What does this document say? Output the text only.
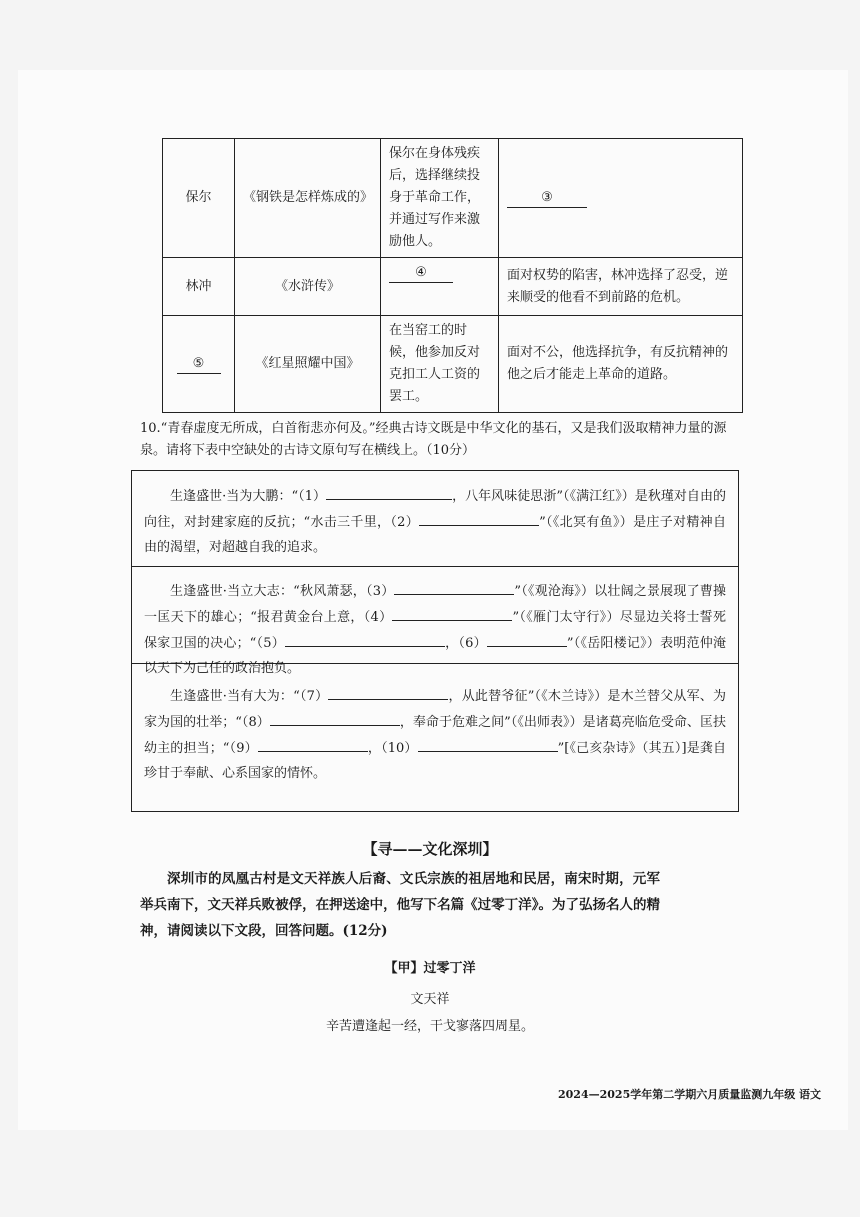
保尔	《钢铁是怎样炼成的》	保尔在身体残疾后，选择继续投身于革命工作，并通过写作来激励他人。	③
林冲	《水浒传》	④	面对权势的陷害，林冲选择了忍受，逆来顺受的他看不到前路的危机。
⑤	《红星照耀中国》	在当窑工的时候，他参加反对克扣工人工资的罢工。	面对不公，他选择抗争，有反抗精神的他之后才能走上革命的道路。
10.“青春虚度无所成，白首衔悲亦何及。”经典古诗文既是中华文化的基石，又是我们汲取精神力量的源泉。请将下表中空缺处的古诗文原句写在横线上。（10分）

生逢盛世·当为大鹏：“（1）	，八年风味徒思浙”（《满江红》）是秋瑾对自由的向往，对封建家庭的反抗；“水击三千里，（2）	”（《北冥有鱼》）是庄子对精神自由的渴望，对超越自我的追求。

生逢盛世·当立大志：“秋风萧瑟，（3）	”（《观沧海》）以壮阔之景展现了曹操一匡天下的雄心；“报君黄金台上意，（4）	”（《雁门太守行》）尽显边关将士誓死保家卫国的决心；“（5）	，（6）	”（《岳阳楼记》）表明范仲淹以天下为己任的政治抱负。

生逢盛世·当有大为：“（7）	，从此替爷征”（《木兰诗》）是木兰替父从军、为家为国的壮举；“（8）	，奉命于危难之间”（《出师表》）是诸葛亮临危受命、匡扶幼主的担当；“（9）	，（10）	”[《己亥杂诗》（其五）]是龚自珍甘于奉献、心系国家的情怀。

【寻——文化深圳】
深圳市的凤凰古村是文天祥族人后裔、文氏宗族的祖居地和民居，南宋时期，元军举兵南下，文天祥兵败被俘，在押送途中，他写下名篇《过零丁洋》。为了弘扬名人的精神，请阅读以下文段，回答问题。(12分)
【甲】过零丁洋
文天祥
辛苦遭逢起一经，干戈寥落四周星。
2024—2025学年第二学期六月质量监测九年级 语文
